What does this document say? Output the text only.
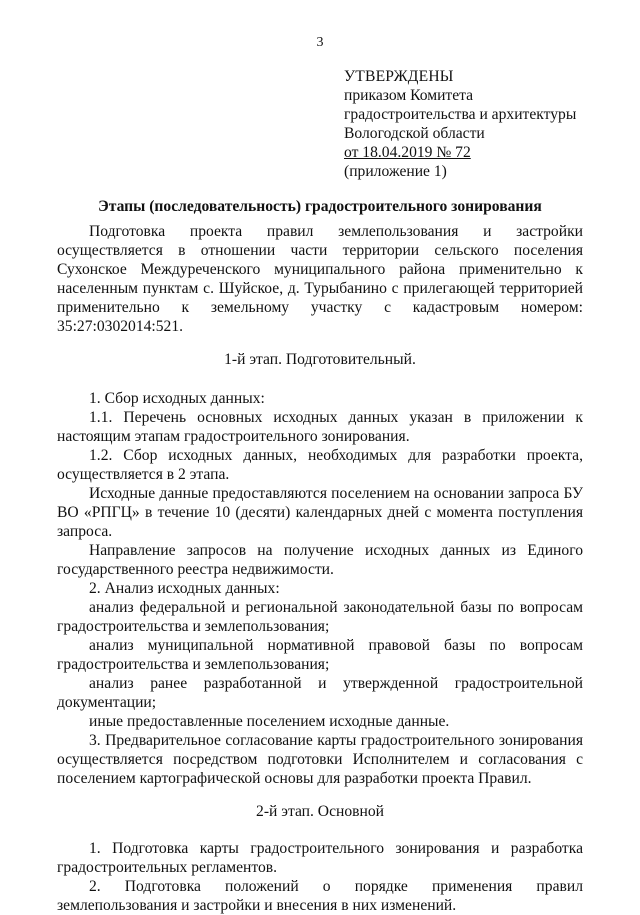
3
УТВЕРЖДЕНЫ
приказом Комитета
градостроительства и архитектуры
Вологодской области
от 18.04.2019 № 72
(приложение 1)

Этапы (последовательность) градостроительного зонирования

Подготовка проекта правил землепользования и застройки осуществляется в отношении части территории сельского поселения Сухонское Междуреченского муниципального района применительно к населенным пунктам с. Шуйское, д. Турыбанино с прилегающей территорией применительно к земельному участку с кадастровым номером: 35:27:0302014:521.

1-й этап. Подготовительный.

1. Сбор исходных данных:

1.1. Перечень основных исходных данных указан в приложении к настоящим этапам градостроительного зонирования.

1.2. Сбор исходных данных, необходимых для разработки проекта, осуществляется в 2 этапа.

Исходные данные предоставляются поселением на основании запроса БУ ВО «РПГЦ» в течение 10 (десяти) календарных дней с момента поступления запроса.

Направление запросов на получение исходных данных из Единого государственного реестра недвижимости.

2. Анализ исходных данных:

анализ федеральной и региональной законодательной базы по вопросам градостроительства и землепользования;

анализ муниципальной нормативной правовой базы по вопросам градостроительства и землепользования;

анализ ранее разработанной и утвержденной градостроительной документации;

иные предоставленные поселением исходные данные.

3. Предварительное согласование карты градостроительного зонирования осуществляется посредством подготовки Исполнителем и согласования с поселением картографической основы для разработки проекта Правил.

2-й этап. Основной

1. Подготовка карты градостроительного зонирования и разработка градостроительных регламентов.

2. Подготовка положений о порядке применения правил землепользования и застройки и внесения в них изменений.
